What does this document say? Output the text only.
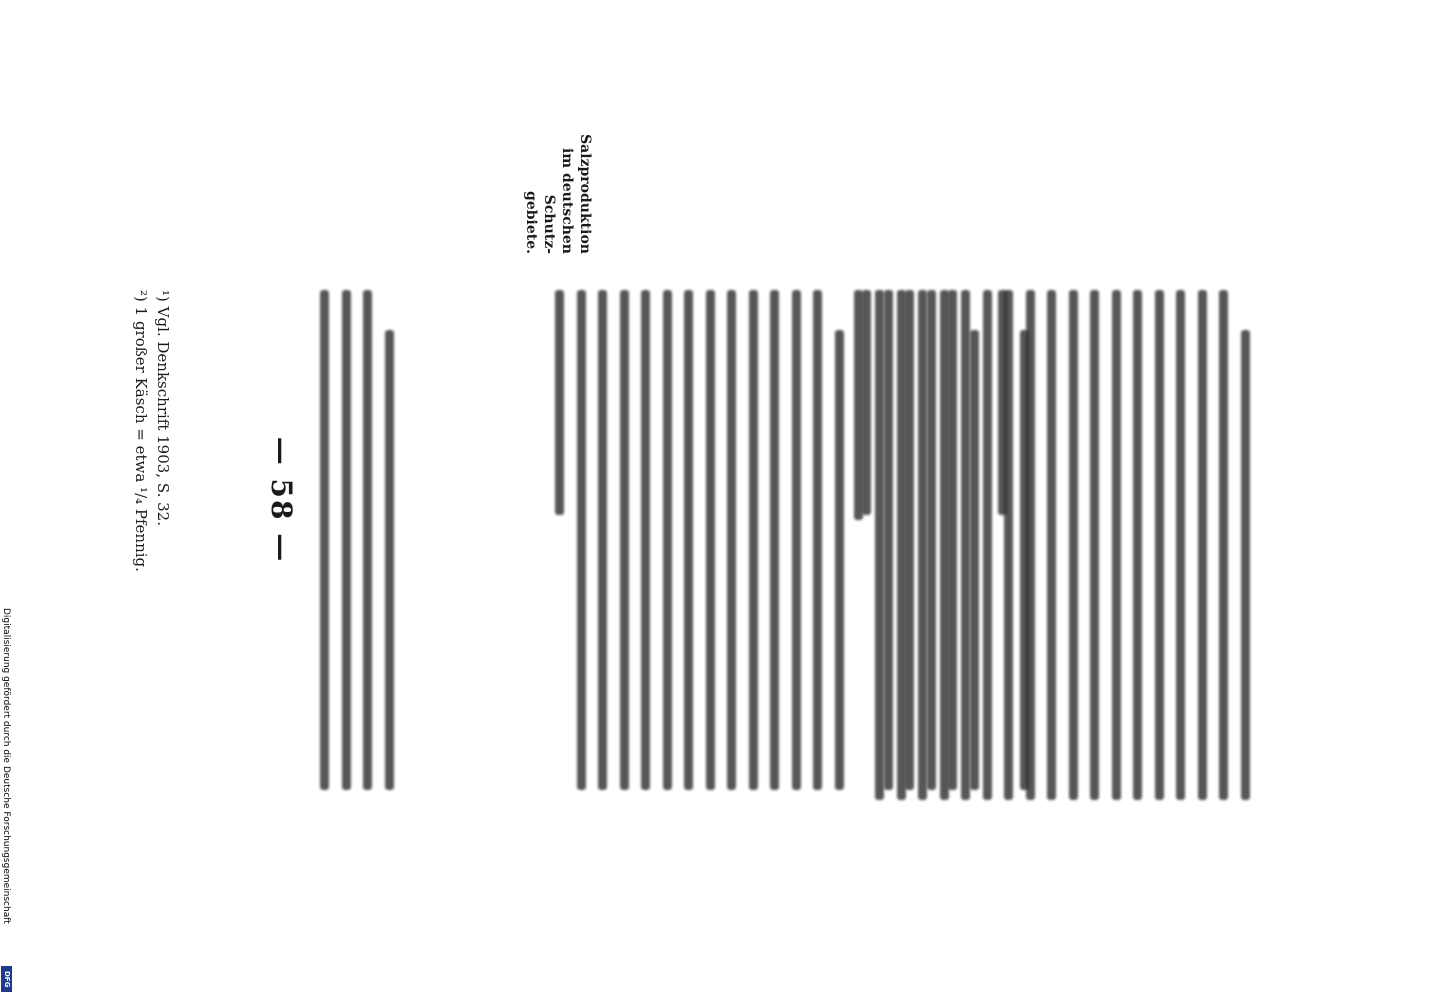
— 58 —
Salzproduktion
im deutschen Schutz-
gebiete.
¹) Vgl. Denkschrift 1903, S. 32.
²) 1 großer Käsch = etwa ¹/₄ Pfennig.
Digitalisierung gefördert durch die Deutsche Forschungsgemeinschaft
DFG
